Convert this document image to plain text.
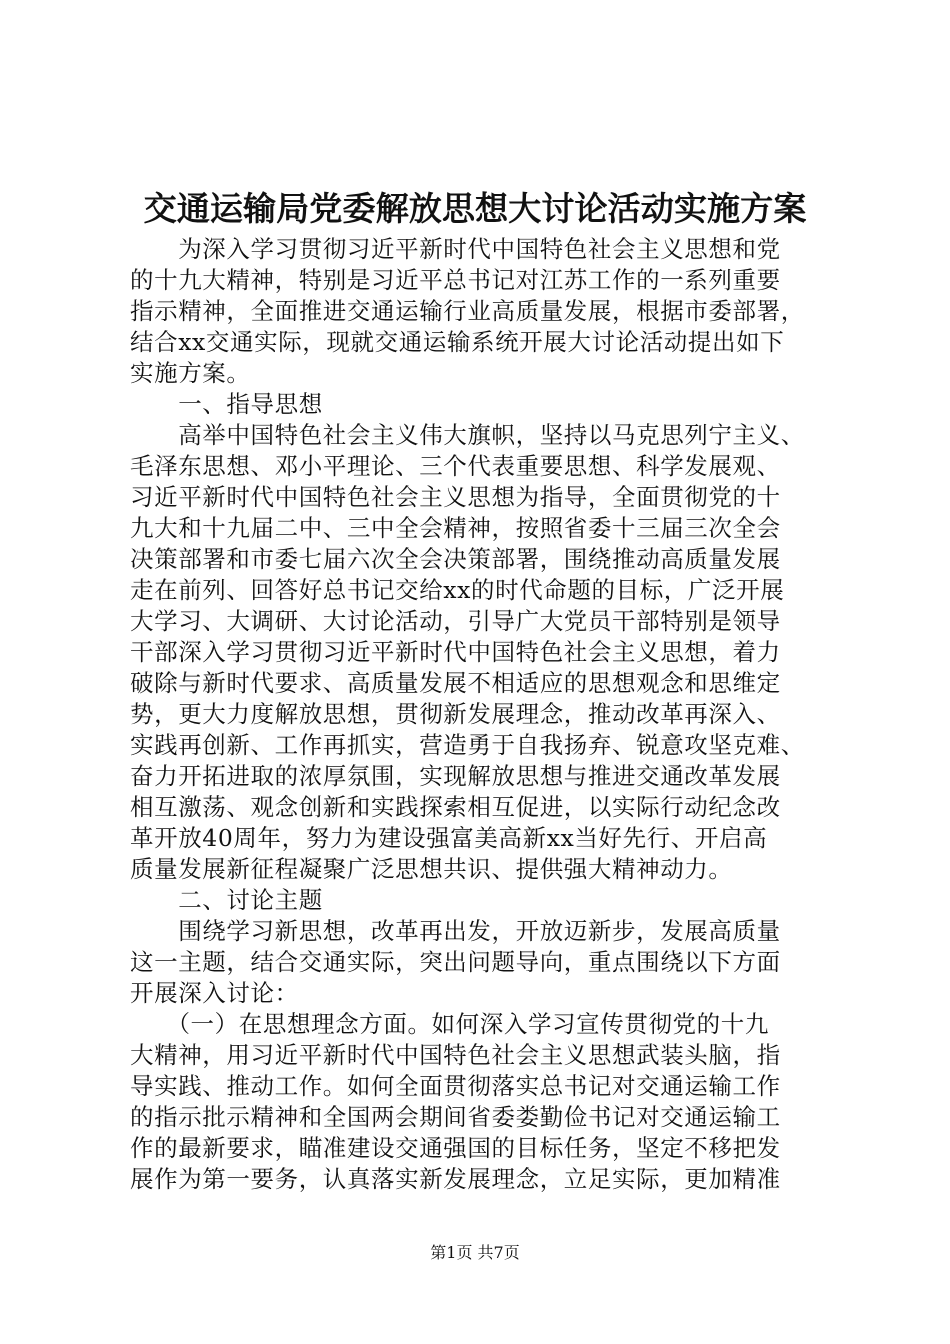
交通运输局党委解放思想大讨论活动实施方案
　　为深入学习贯彻习近平新时代中国特色社会主义思想和党
的十九大精神，特别是习近平总书记对江苏工作的一系列重要
指示精神，全面推进交通运输行业高质量发展，根据市委部署，
结合xx交通实际，现就交通运输系统开展大讨论活动提出如下
实施方案。
　　一、指导思想
　　高举中国特色社会主义伟大旗帜，坚持以马克思列宁主义、
毛泽东思想、邓小平理论、三个代表重要思想、科学发展观、
习近平新时代中国特色社会主义思想为指导，全面贯彻党的十
九大和十九届二中、三中全会精神，按照省委十三届三次全会
决策部署和市委七届六次全会决策部署，围绕推动高质量发展
走在前列、回答好总书记交给xx的时代命题的目标，广泛开展
大学习、大调研、大讨论活动，引导广大党员干部特别是领导
干部深入学习贯彻习近平新时代中国特色社会主义思想，着力
破除与新时代要求、高质量发展不相适应的思想观念和思维定
势，更大力度解放思想，贯彻新发展理念，推动改革再深入、
实践再创新、工作再抓实，营造勇于自我扬弃、锐意攻坚克难、
奋力开拓进取的浓厚氛围，实现解放思想与推进交通改革发展
相互激荡、观念创新和实践探索相互促进，以实际行动纪念改
革开放40周年，努力为建设强富美高新xx当好先行、开启高
质量发展新征程凝聚广泛思想共识、提供强大精神动力。
　　二、讨论主题
　　围绕学习新思想，改革再出发，开放迈新步，发展高质量
这一主题，结合交通实际，突出问题导向，重点围绕以下方面
开展深入讨论：
　　（一）在思想理念方面。如何深入学习宣传贯彻党的十九
大精神，用习近平新时代中国特色社会主义思想武装头脑，指
导实践、推动工作。如何全面贯彻落实总书记对交通运输工作
的指示批示精神和全国两会期间省委娄勤俭书记对交通运输工
作的最新要求，瞄准建设交通强国的目标任务，坚定不移把发
展作为第一要务，认真落实新发展理念，立足实际，更加精准
第1页 共7页
